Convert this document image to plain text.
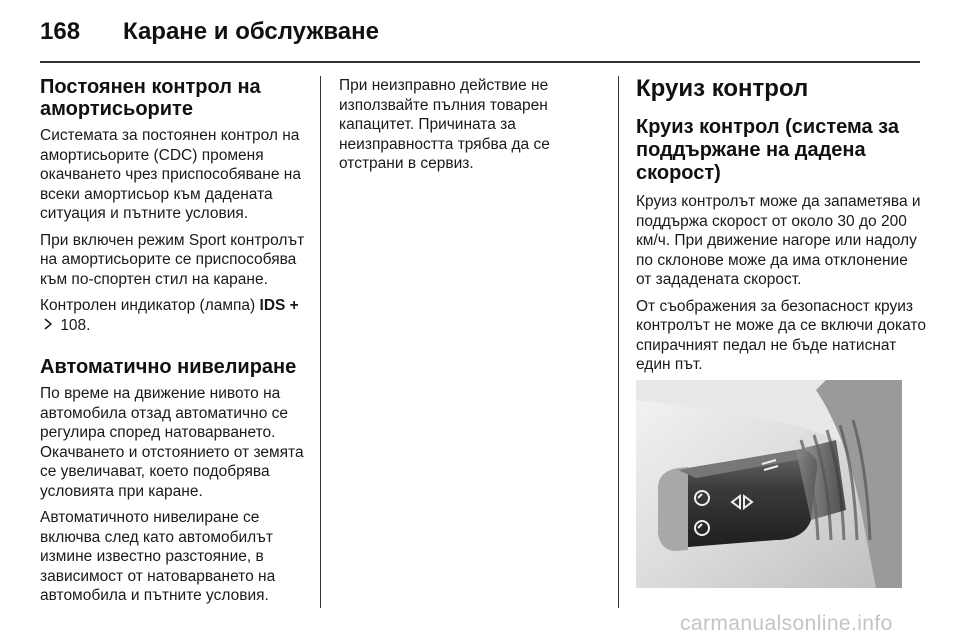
168 Каране и обслужване
Постоянен контрол на амортисьорите

Системата за постоянен контрол на амортисьорите (CDC) променя окачването чрез приспособяване на всеки амортисьор към дадената ситуация и пътните условия.

При включен режим Sport контролът на амортисьорите се приспособява към по-спортен стил на каране.

Контролен индикатор (лампа) IDS +  108.

Автоматично нивелиране

По време на движение нивото на автомобила отзад автоматично се регулира според натоварването. Окачването и отстоянието от земята се увеличават, което подобрява условията при каране.

Автоматичното нивелиране се включва след като автомобилът измине известно разстояние, в зависимост от натоварването на автомобила и пътните условия.

При неизправно действие не използвайте пълния товарен капацитет. Причината за неизправността трябва да се отстрани в сервиз.

Круиз контрол
Круиз контрол (система за поддържане на дадена скорост)

Круиз контролът може да запаметява и поддържа скорост от около 30 до 200 км/ч. При движение нагоре или надолу по склонове може да има отклонение от зададената скорост.

От съображения за безопасност круиз контролът не може да се включи докато спирачният педал не бъде натиснат един път.

carmanualsonline.info
